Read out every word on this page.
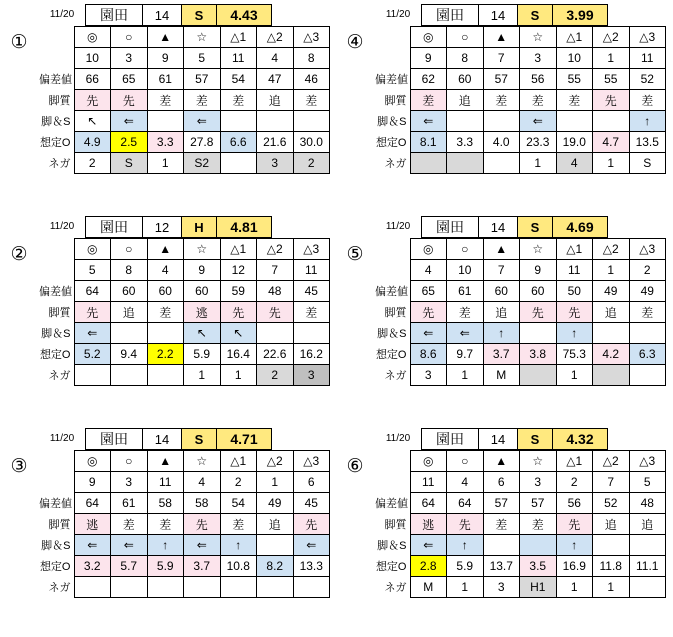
11/20	園田	14	S	4.43
①
		◎	○	▲	☆	△1	△2	△3
	10	3	9	5	11	4	8
偏差値	66	65	61	57	54	47	46
脚質	先	先	差	差	差	追	差
脚＆S	↖	⇐		⇐			
想定O	4.9	2.5	3.3	27.8	6.6	21.6	30.0
ネガ	2	S	1	S2		3	2
11/20	園田	14	S	3.99
④
		◎	○	▲	☆	△1	△2	△3
	9	8	7	3	10	1	11
偏差値	62	60	57	56	55	55	52
脚質	差	追	差	差	差	先	差
脚＆S	⇐			⇐			↑
想定O	8.1	3.3	4.0	23.3	19.0	4.7	13.5
ネガ				1	4	1	S
11/20	園田	12	H	4.81
②
		◎	○	▲	☆	△1	△2	△3
	5	8	4	9	12	7	11
偏差値	64	60	60	60	59	48	45
脚質	先	追	差	逃	先	先	差
脚＆S	⇐			↖	↖		
想定O	5.2	9.4	2.2	5.9	16.4	22.6	16.2
ネガ				1	1	2	3
11/20	園田	14	S	4.69
⑤
		◎	○	▲	☆	△1	△2	△3
	4	10	7	9	11	1	2
偏差値	65	61	60	60	50	49	49
脚質	先	差	追	先	先	追	差
脚＆S	⇐	⇐	↑		↑		
想定O	8.6	9.7	3.7	3.8	75.3	4.2	6.3
ネガ	3	1	M		1		
11/20	園田	14	S	4.71
③
		◎	○	▲	☆	△1	△2	△3
	9	3	11	4	2	1	6
偏差値	64	61	58	58	54	49	45
脚質	逃	差	差	先	差	追	先
脚＆S	⇐	⇐	↑	⇐	↑		⇐
想定O	3.2	5.7	5.9	3.7	10.8	8.2	13.3
ネガ							
11/20	園田	14	S	4.32
⑥
		◎	○	▲	☆	△1	△2	△3
	11	4	6	3	2	7	5
偏差値	64	64	57	57	56	52	48
脚質	逃	先	差	差	先	追	追
脚＆S	⇐	↑			↑		
想定O	2.8	5.9	13.7	3.5	16.9	11.8	11.1
ネガ	M	1	3	H1	1	1	
